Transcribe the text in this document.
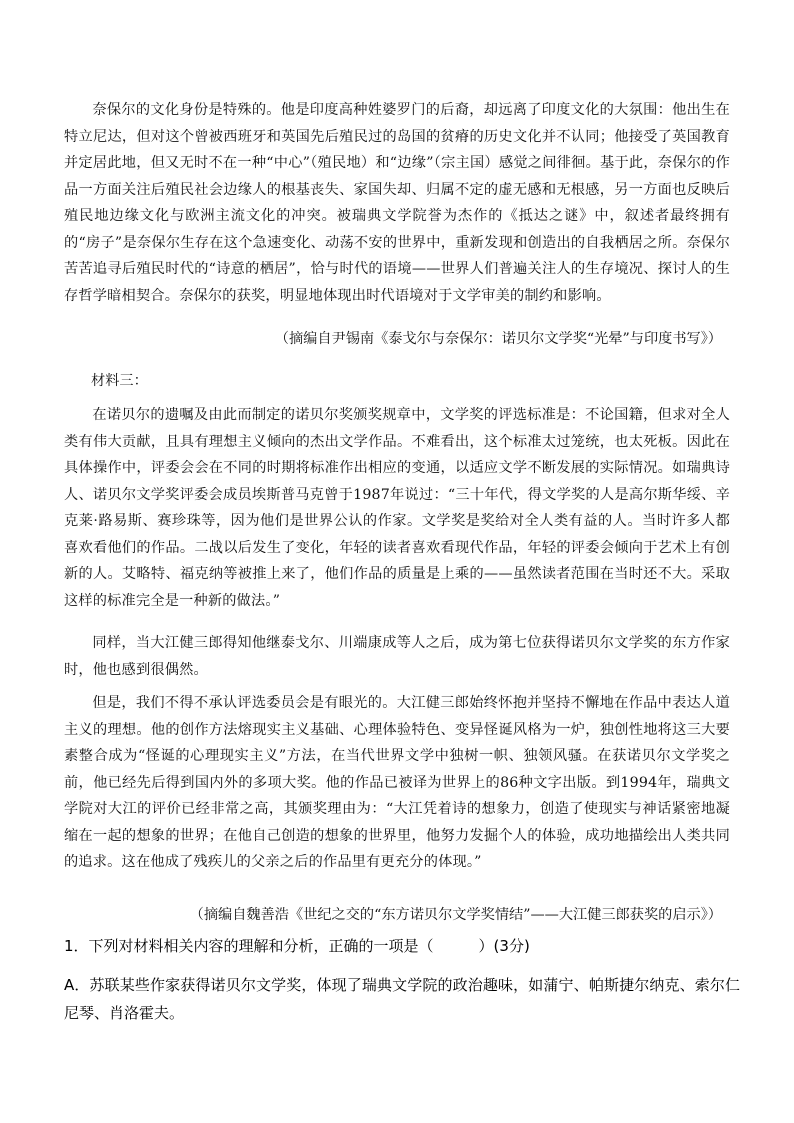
奈保尔的文化身份是特殊的。他是印度高种姓婆罗门的后裔，却远离了印度文化的大氛围：他出生在特立尼达，但对这个曾被西班牙和英国先后殖民过的岛国的贫瘠的历史文化并不认同；他接受了英国教育并定居此地，但又无时不在一种“中心”（殖民地）和“边缘”（宗主国）感觉之间徘徊。基于此，奈保尔的作品一方面关注后殖民社会边缘人的根基丧失、家国失却、归属不定的虚无感和无根感，另一方面也反映后殖民地边缘文化与欧洲主流文化的冲突。被瑞典文学院誉为杰作的《抵达之谜》中，叙述者最终拥有的“房子”是奈保尔生存在这个急速变化、动荡不安的世界中，重新发现和创造出的自我栖居之所。奈保尔苦苦追寻后殖民时代的“诗意的栖居”，恰与时代的语境——世界人们普遍关注人的生存境况、探讨人的生存哲学暗相契合。奈保尔的获奖，明显地体现出时代语境对于文学审美的制约和影响。

（摘编自尹锡南《泰戈尔与奈保尔：诺贝尔文学奖“光晕”与印度书写》）

材料三：

在诺贝尔的遗嘱及由此而制定的诺贝尔奖颁奖规章中，文学奖的评选标准是：不论国籍，但求对全人类有伟大贡献，且具有理想主义倾向的杰出文学作品。不难看出，这个标准太过笼统，也太死板。因此在具体操作中，评委会会在不同的时期将标准作出相应的变通，以适应文学不断发展的实际情况。如瑞典诗人、诺贝尔文学奖评委会成员埃斯普马克曾于1987年说过：“三十年代，得文学奖的人是高尔斯华绥、辛克莱·路易斯、赛珍珠等，因为他们是世界公认的作家。文学奖是奖给对全人类有益的人。当时许多人都喜欢看他们的作品。二战以后发生了变化，年轻的读者喜欢看现代作品，年轻的评委会倾向于艺术上有创新的人。艾略特、福克纳等被推上来了，他们作品的质量是上乘的——虽然读者范围在当时还不大。采取这样的标准完全是一种新的做法。”

同样，当大江健三郎得知他继泰戈尔、川端康成等人之后，成为第七位获得诺贝尔文学奖的东方作家时，他也感到很偶然。

但是，我们不得不承认评选委员会是有眼光的。大江健三郎始终怀抱并坚持不懈地在作品中表达人道主义的理想。他的创作方法熔现实主义基础、心理体验特色、变异怪诞风格为一炉，独创性地将这三大要素整合成为“怪诞的心理现实主义”方法，在当代世界文学中独树一帜、独领风骚。在获诺贝尔文学奖之前，他已经先后得到国内外的多项大奖。他的作品已被译为世界上的86种文字出版。到1994年，瑞典文学院对大江的评价已经非常之高，其颁奖理由为：“大江凭着诗的想象力，创造了使现实与神话紧密地凝缩在一起的想象的世界；在他自己创造的想象的世界里，他努力发掘个人的体验，成功地描绘出人类共同的追求。这在他成了残疾儿的父亲之后的作品里有更充分的体现。”

（摘编自魏善浩《世纪之交的“东方诺贝尔文学奖情结”——大江健三郎获奖的启示》）

1．下列对材料相关内容的理解和分析，正确的一项是（　　　）(3分)

A．苏联某些作家获得诺贝尔文学奖，体现了瑞典文学院的政治趣味，如蒲宁、帕斯捷尔纳克、索尔仁尼琴、肖洛霍夫。
